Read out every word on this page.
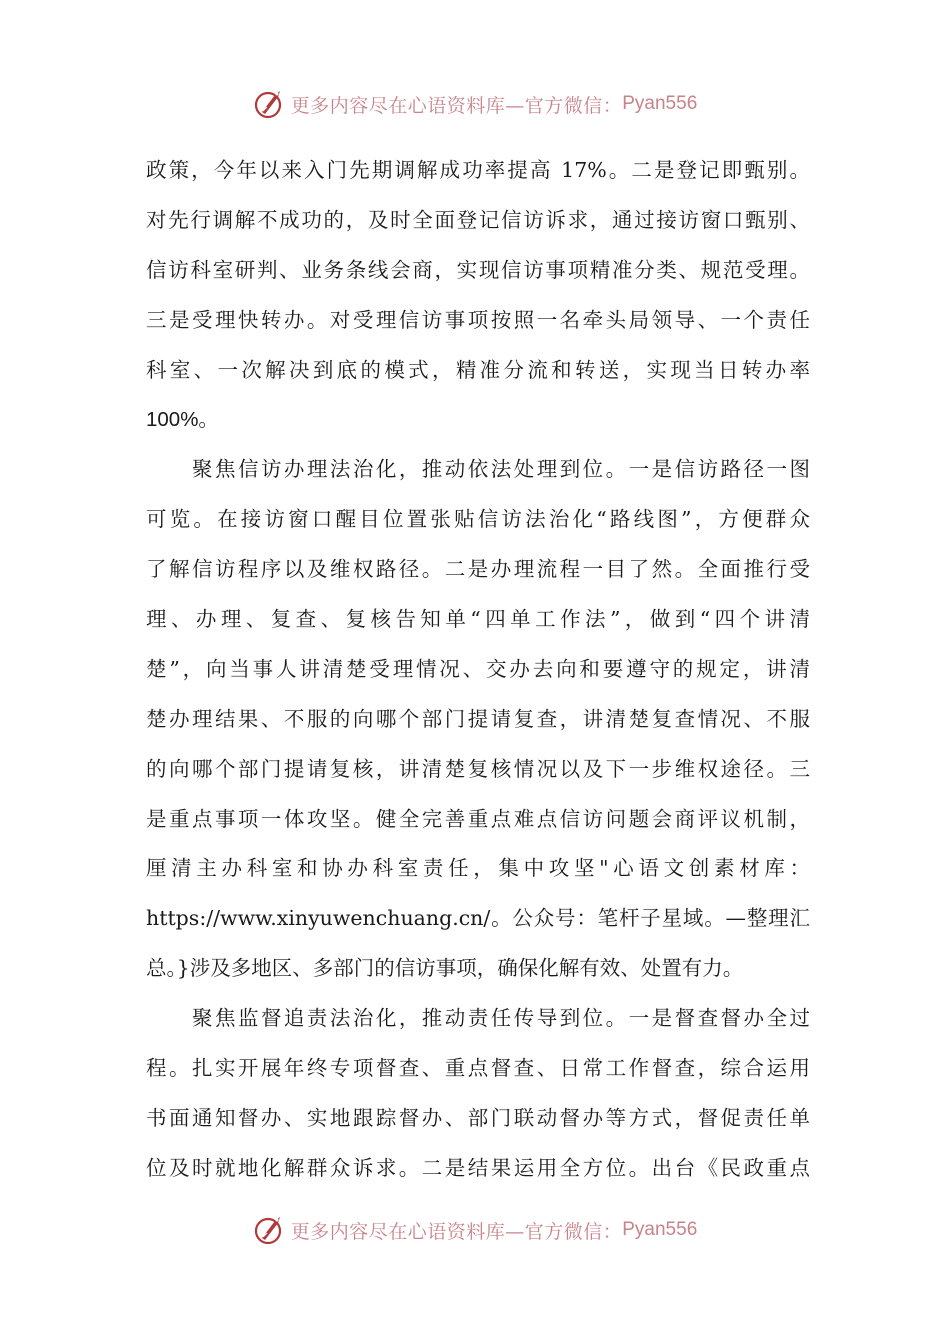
更多内容尽在心语资料库—官方微信： Pyan556
政策，今年以来入门先期调解成功率提高 17%。二是登记即甄别。
对先行调解不成功的，及时全面登记信访诉求，通过接访窗口甄别、
信访科室研判、业务条线会商，实现信访事项精准分类、规范受理。
三是受理快转办。对受理信访事项按照一名牵头局领导、一个责任
科室、一次解决到底的模式，精准分流和转送，实现当日转办率
100%。
聚焦信访办理法治化，推动依法处理到位。一是信访路径一图
可览。在接访窗口醒目位置张贴信访法治化“路线图”，方便群众
了解信访程序以及维权路径。二是办理流程一目了然。全面推行受
理、办理、复查、复核告知单“四单工作法”，做到“四个讲清
楚”，向当事人讲清楚受理情况、交办去向和要遵守的规定，讲清
楚办理结果、不服的向哪个部门提请复查，讲清楚复查情况、不服
的向哪个部门提请复核，讲清楚复核情况以及下一步维权途径。三
是重点事项一体攻坚。健全完善重点难点信访问题会商评议机制，
厘清主办科室和协办科室责任，集中攻坚"心语文创素材库：
https://www.xinyuwenchuang.cn/。公众号：笔杆子星域。—整理汇
总。}涉及多地区、多部门的信访事项，确保化解有效、处置有力。
聚焦监督追责法治化，推动责任传导到位。一是督查督办全过
程。扎实开展年终专项督查、重点督查、日常工作督查，综合运用
书面通知督办、实地跟踪督办、部门联动督办等方式，督促责任单
位及时就地化解群众诉求。二是结果运用全方位。出台《民政重点
更多内容尽在心语资料库—官方微信： Pyan556
